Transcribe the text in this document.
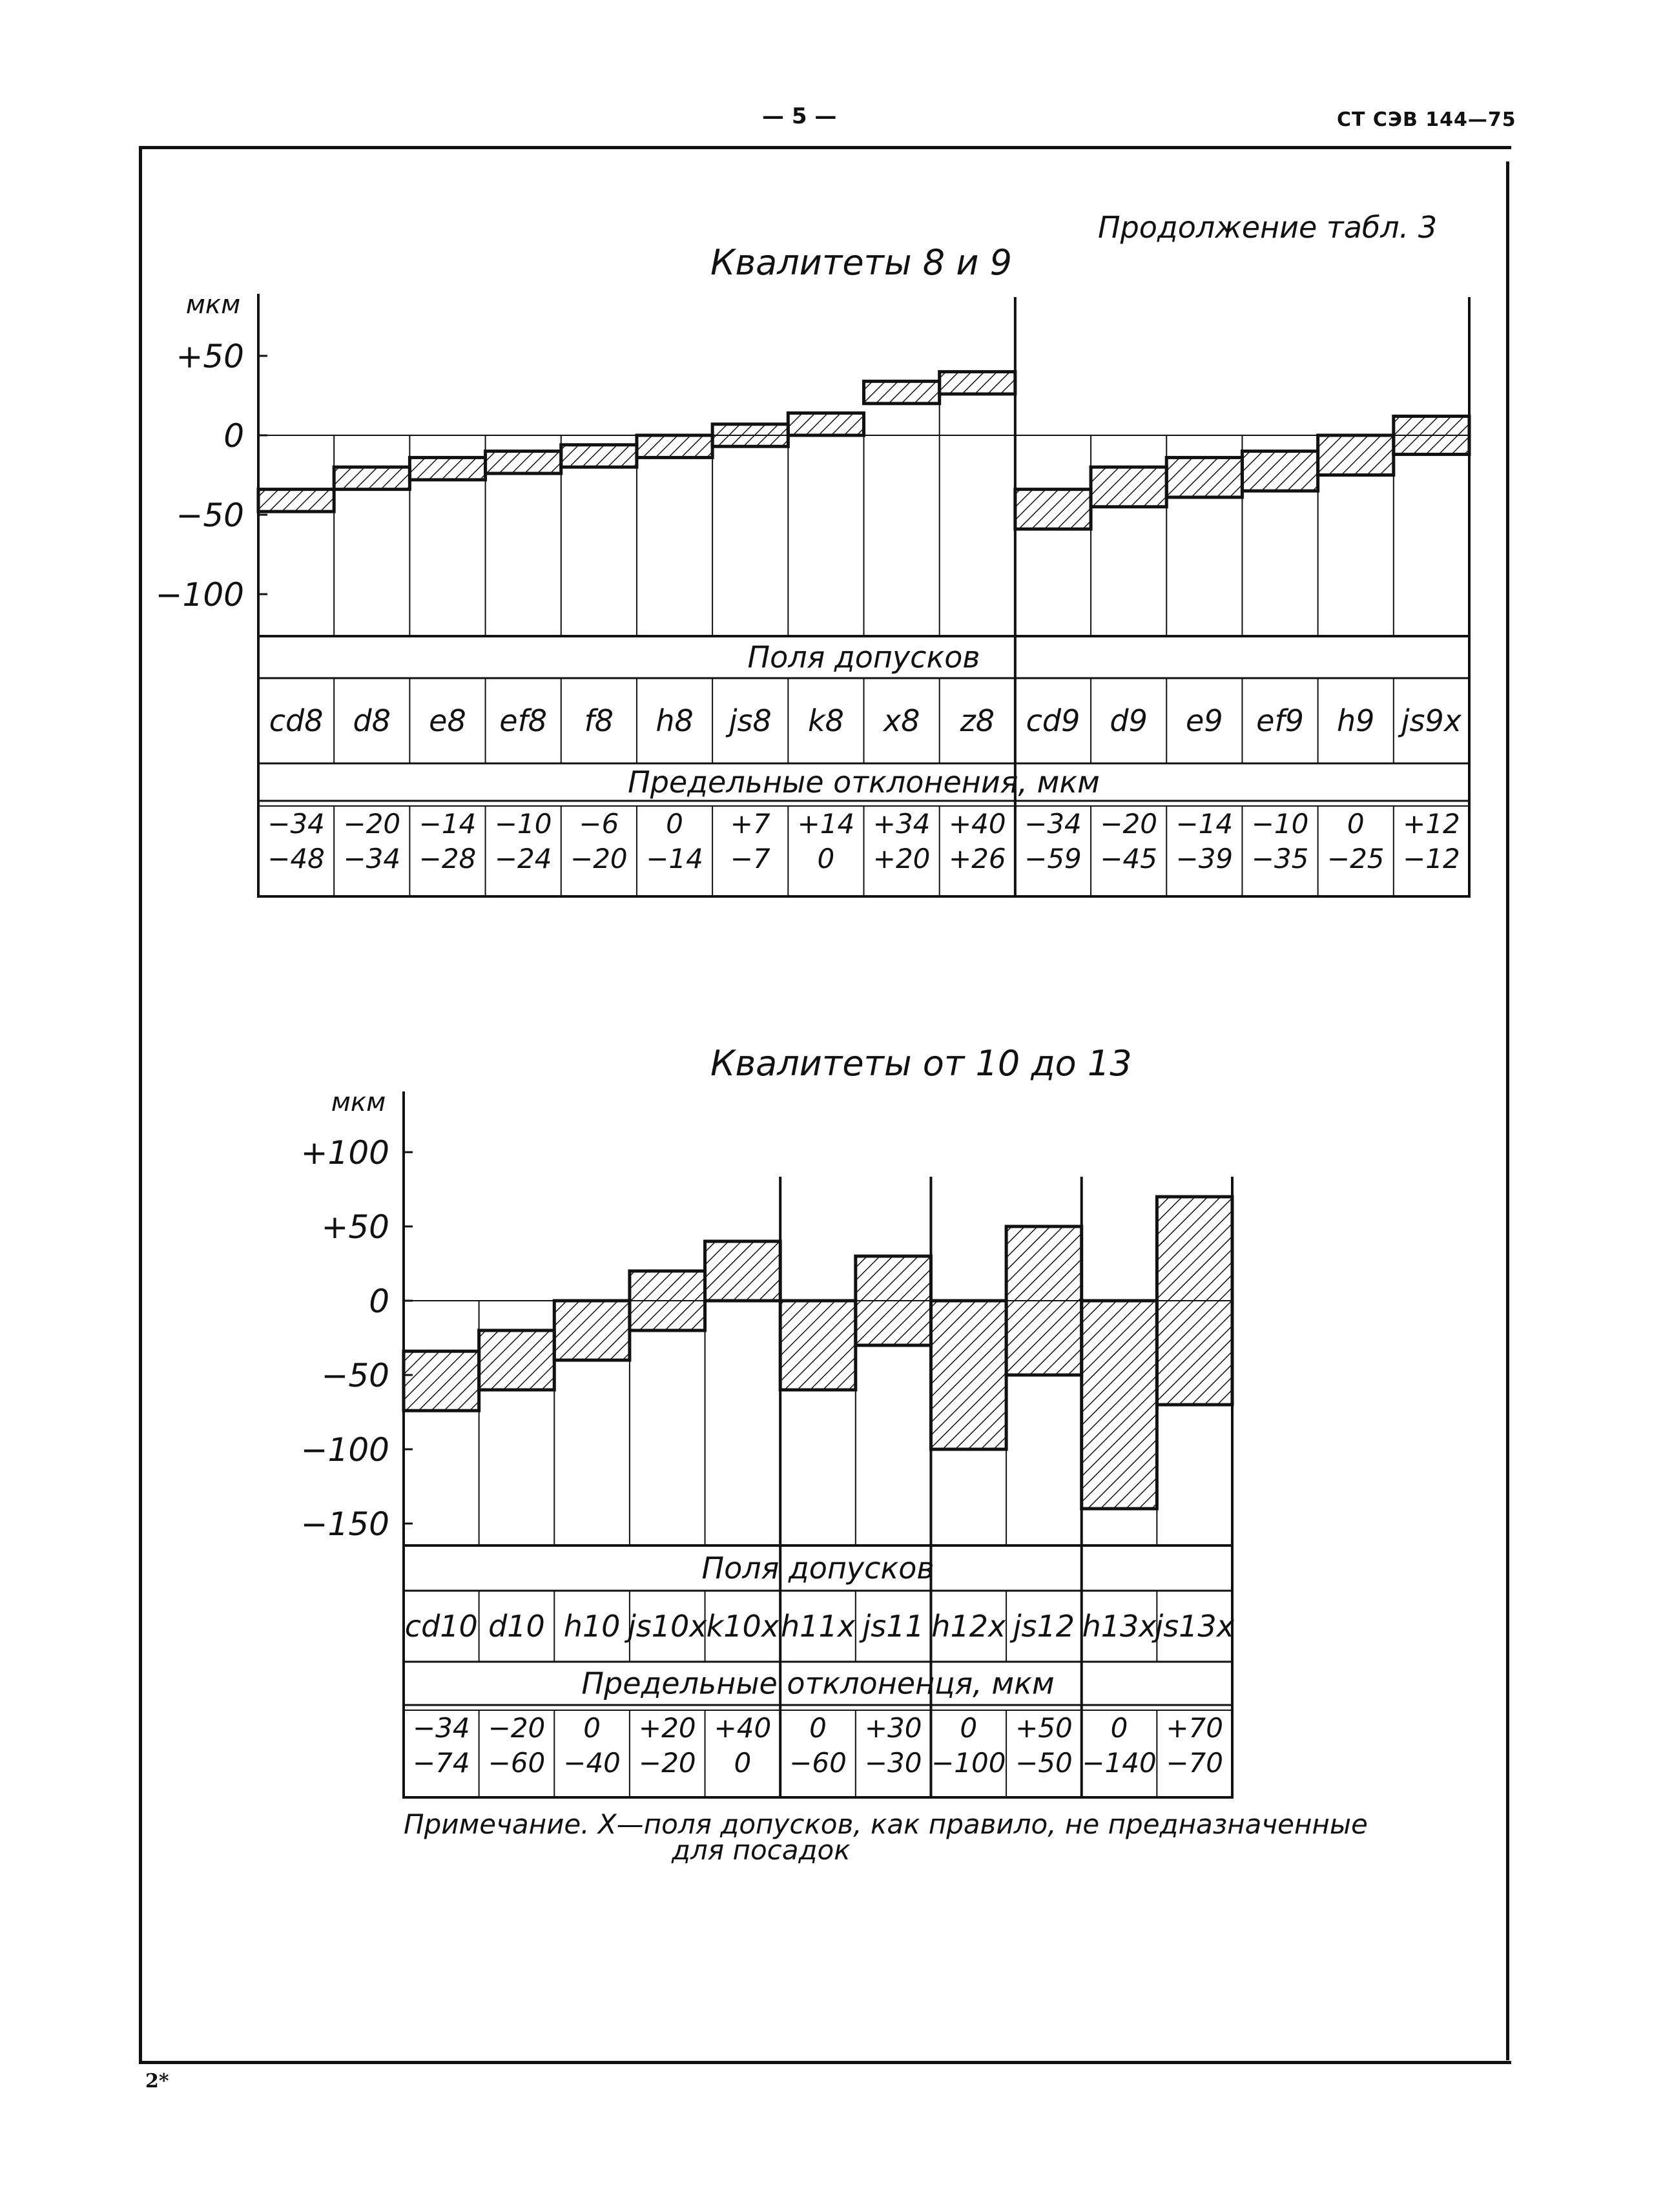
— 5 —	СТ СЭВ 144—75
Продолжение табл. 3
Квалитеты 8 и 9
Квалитеты от 10 до 13
Примечание. X—поля допусков, как правило, не предназначенные
для посадок
2*
мкм
+50
0
−50
−100
Поля допусков
Предельные отклонения, мкм
cd8
−34
−48
d8
−20
−34
e8
−14
−28
ef8
−10
−24
f8
−6
−20
h8
0
−14
js8
+7
−7
k8
+14
0
x8
+34
+20
z8
+40
+26
cd9
−34
−59
d9
−20
−45
e9
−14
−39
ef9
−10
−35
h9
0
−25
js9x
+12
−12
мкм
+100
+50
0
−50
−100
−150
Поля допусков
Предельные отклоненця, мкм
cd10
−34
−74
d10
−20
−60
h10
0
−40
js10x
+20
−20
k10x
+40
0
h11x
0
−60
js11
+30
−30
h12x
0
−100
js12
+50
−50
h13x
0
−140
js13x
+70
−70
